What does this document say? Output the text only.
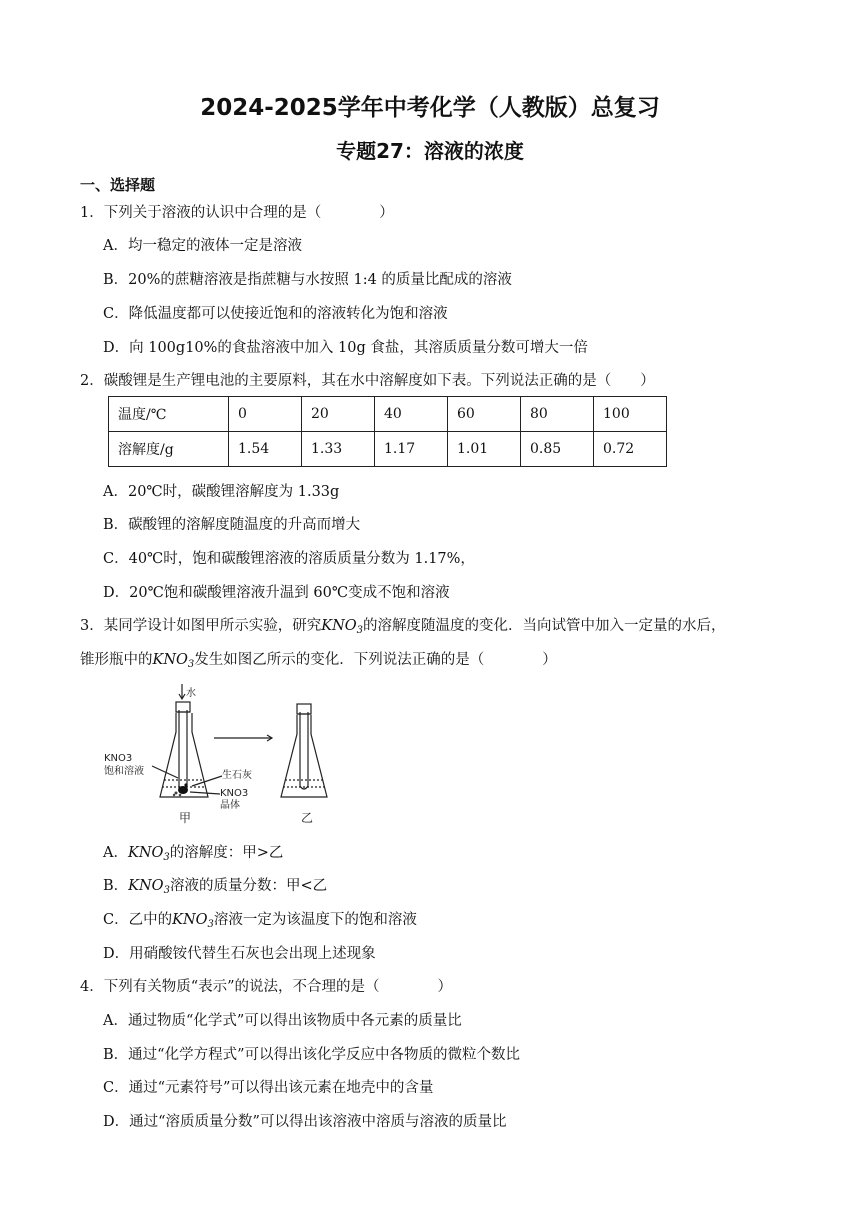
2024-2025学年中考化学（人教版）总复习
专题27：溶液的浓度
一、选择题
1．下列关于溶液的认识中合理的是（　　　　）
A．均一稳定的液体一定是溶液
B．20%的蔗糖溶液是指蔗糖与水按照 1:4 的质量比配成的溶液
C．降低温度都可以使接近饱和的溶液转化为饱和溶液
D．向 100g10%的食盐溶液中加入 10g 食盐，其溶质质量分数可增大一倍
2．碳酸锂是生产锂电池的主要原料，其在水中溶解度如下表。下列说法正确的是（　　）
温度/℃	0	20	40	60	80	100
溶解度/g	1.54	1.33	1.17	1.01	0.85	0.72
A．20℃时，碳酸锂溶解度为 1.33g
B．碳酸锂的溶解度随温度的升高而增大
C．40℃时，饱和碳酸锂溶液的溶质质量分数为 1.17%，
D．20℃饱和碳酸锂溶液升温到 60℃变成不饱和溶液
3．某同学设计如图甲所示实验，研究$KNO_3$的溶解度随温度的变化．当向试管中加入一定量的水后，
锥形瓶中的$KNO_3$发生如图乙所示的变化．下列说法正确的是（　　　　）
水
KNO3
饱和溶液	生石灰
KNO3
晶体
甲	乙
A．$KNO_3$的溶解度：甲>乙
B．$KNO_3$溶液的质量分数：甲<乙
C．乙中的$KNO_3$溶液一定为该温度下的饱和溶液
D．用硝酸铵代替生石灰也会出现上述现象
4．下列有关物质“表示”的说法，不合理的是（　　　　）
A．通过物质“化学式”可以得出该物质中各元素的质量比
B．通过“化学方程式”可以得出该化学反应中各物质的微粒个数比
C．通过“元素符号”可以得出该元素在地壳中的含量
D．通过“溶质质量分数”可以得出该溶液中溶质与溶液的质量比
